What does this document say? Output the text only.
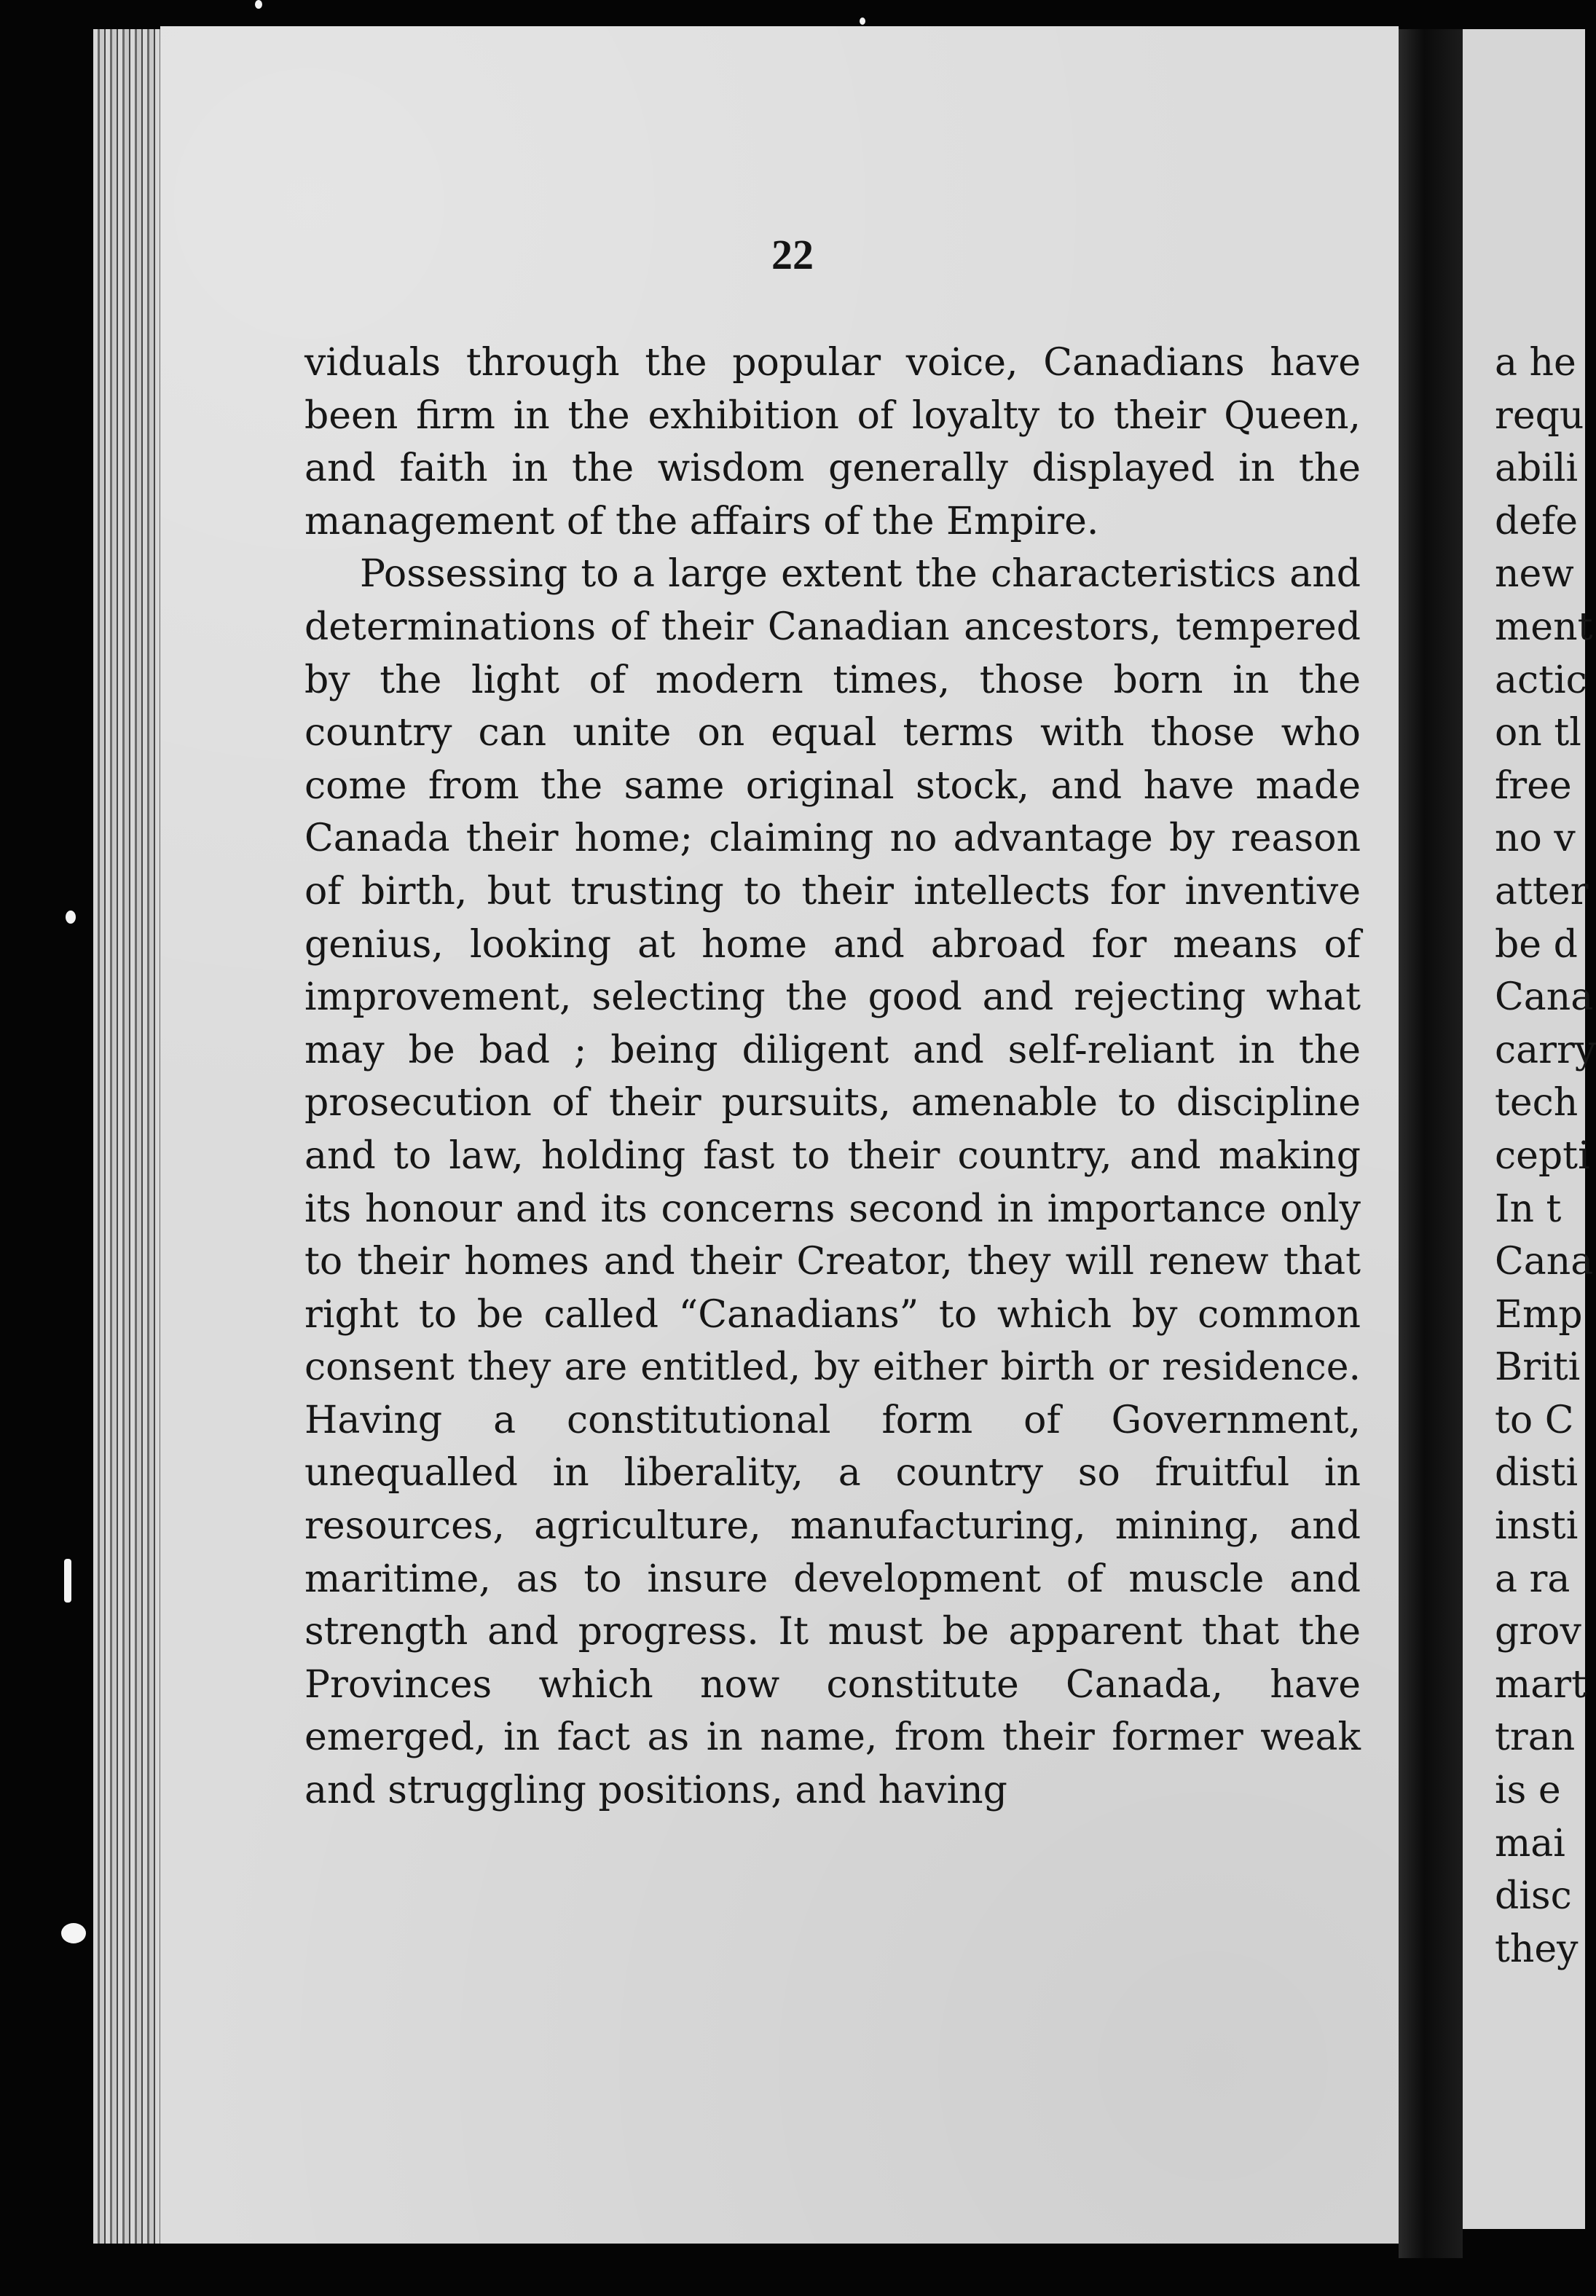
22

viduals through the popular voice, Canadians have been firm in the exhibition of loyalty to their Queen, and faith in the wisdom generally displayed in the management of the affairs of the Empire.

Possessing to a large extent the characteristics and determinations of their Canadian ancestors, tempered by the light of modern times, those born in the country can unite on equal terms with those who come from the same original stock, and have made Canada their home; claiming no advantage by reason of birth, but trusting to their intellects for inventive genius, looking at home and abroad for means of improvement, selecting the good and rejecting what may be bad ; being diligent and self-reliant in the prosecution of their pursuits, amenable to discipline and to law, holding fast to their country, and making its honour and its concerns second in importance only to their homes and their Creator, they will renew that right to be called “Canadians” to which by common consent they are entitled, by either birth or residence. Having a constitutional form of Government, unequalled in liberality, a country so fruitful in resources, agriculture, manufacturing, mining, and maritime, as to insure development of muscle and strength and progress. It must be apparent that the Provinces which now constitute Canada, have emerged, in fact as in name, from their former weak and struggling positions, and having

a he
requ
abili
defe
new
ment
actic
on tl
free
no v
atter
be d
Cana
carry
tech
cepti
In t
Cana
Emp
Briti
to C
disti
insti
a ra
grov
mart
tran
is e
mai
disc
they
